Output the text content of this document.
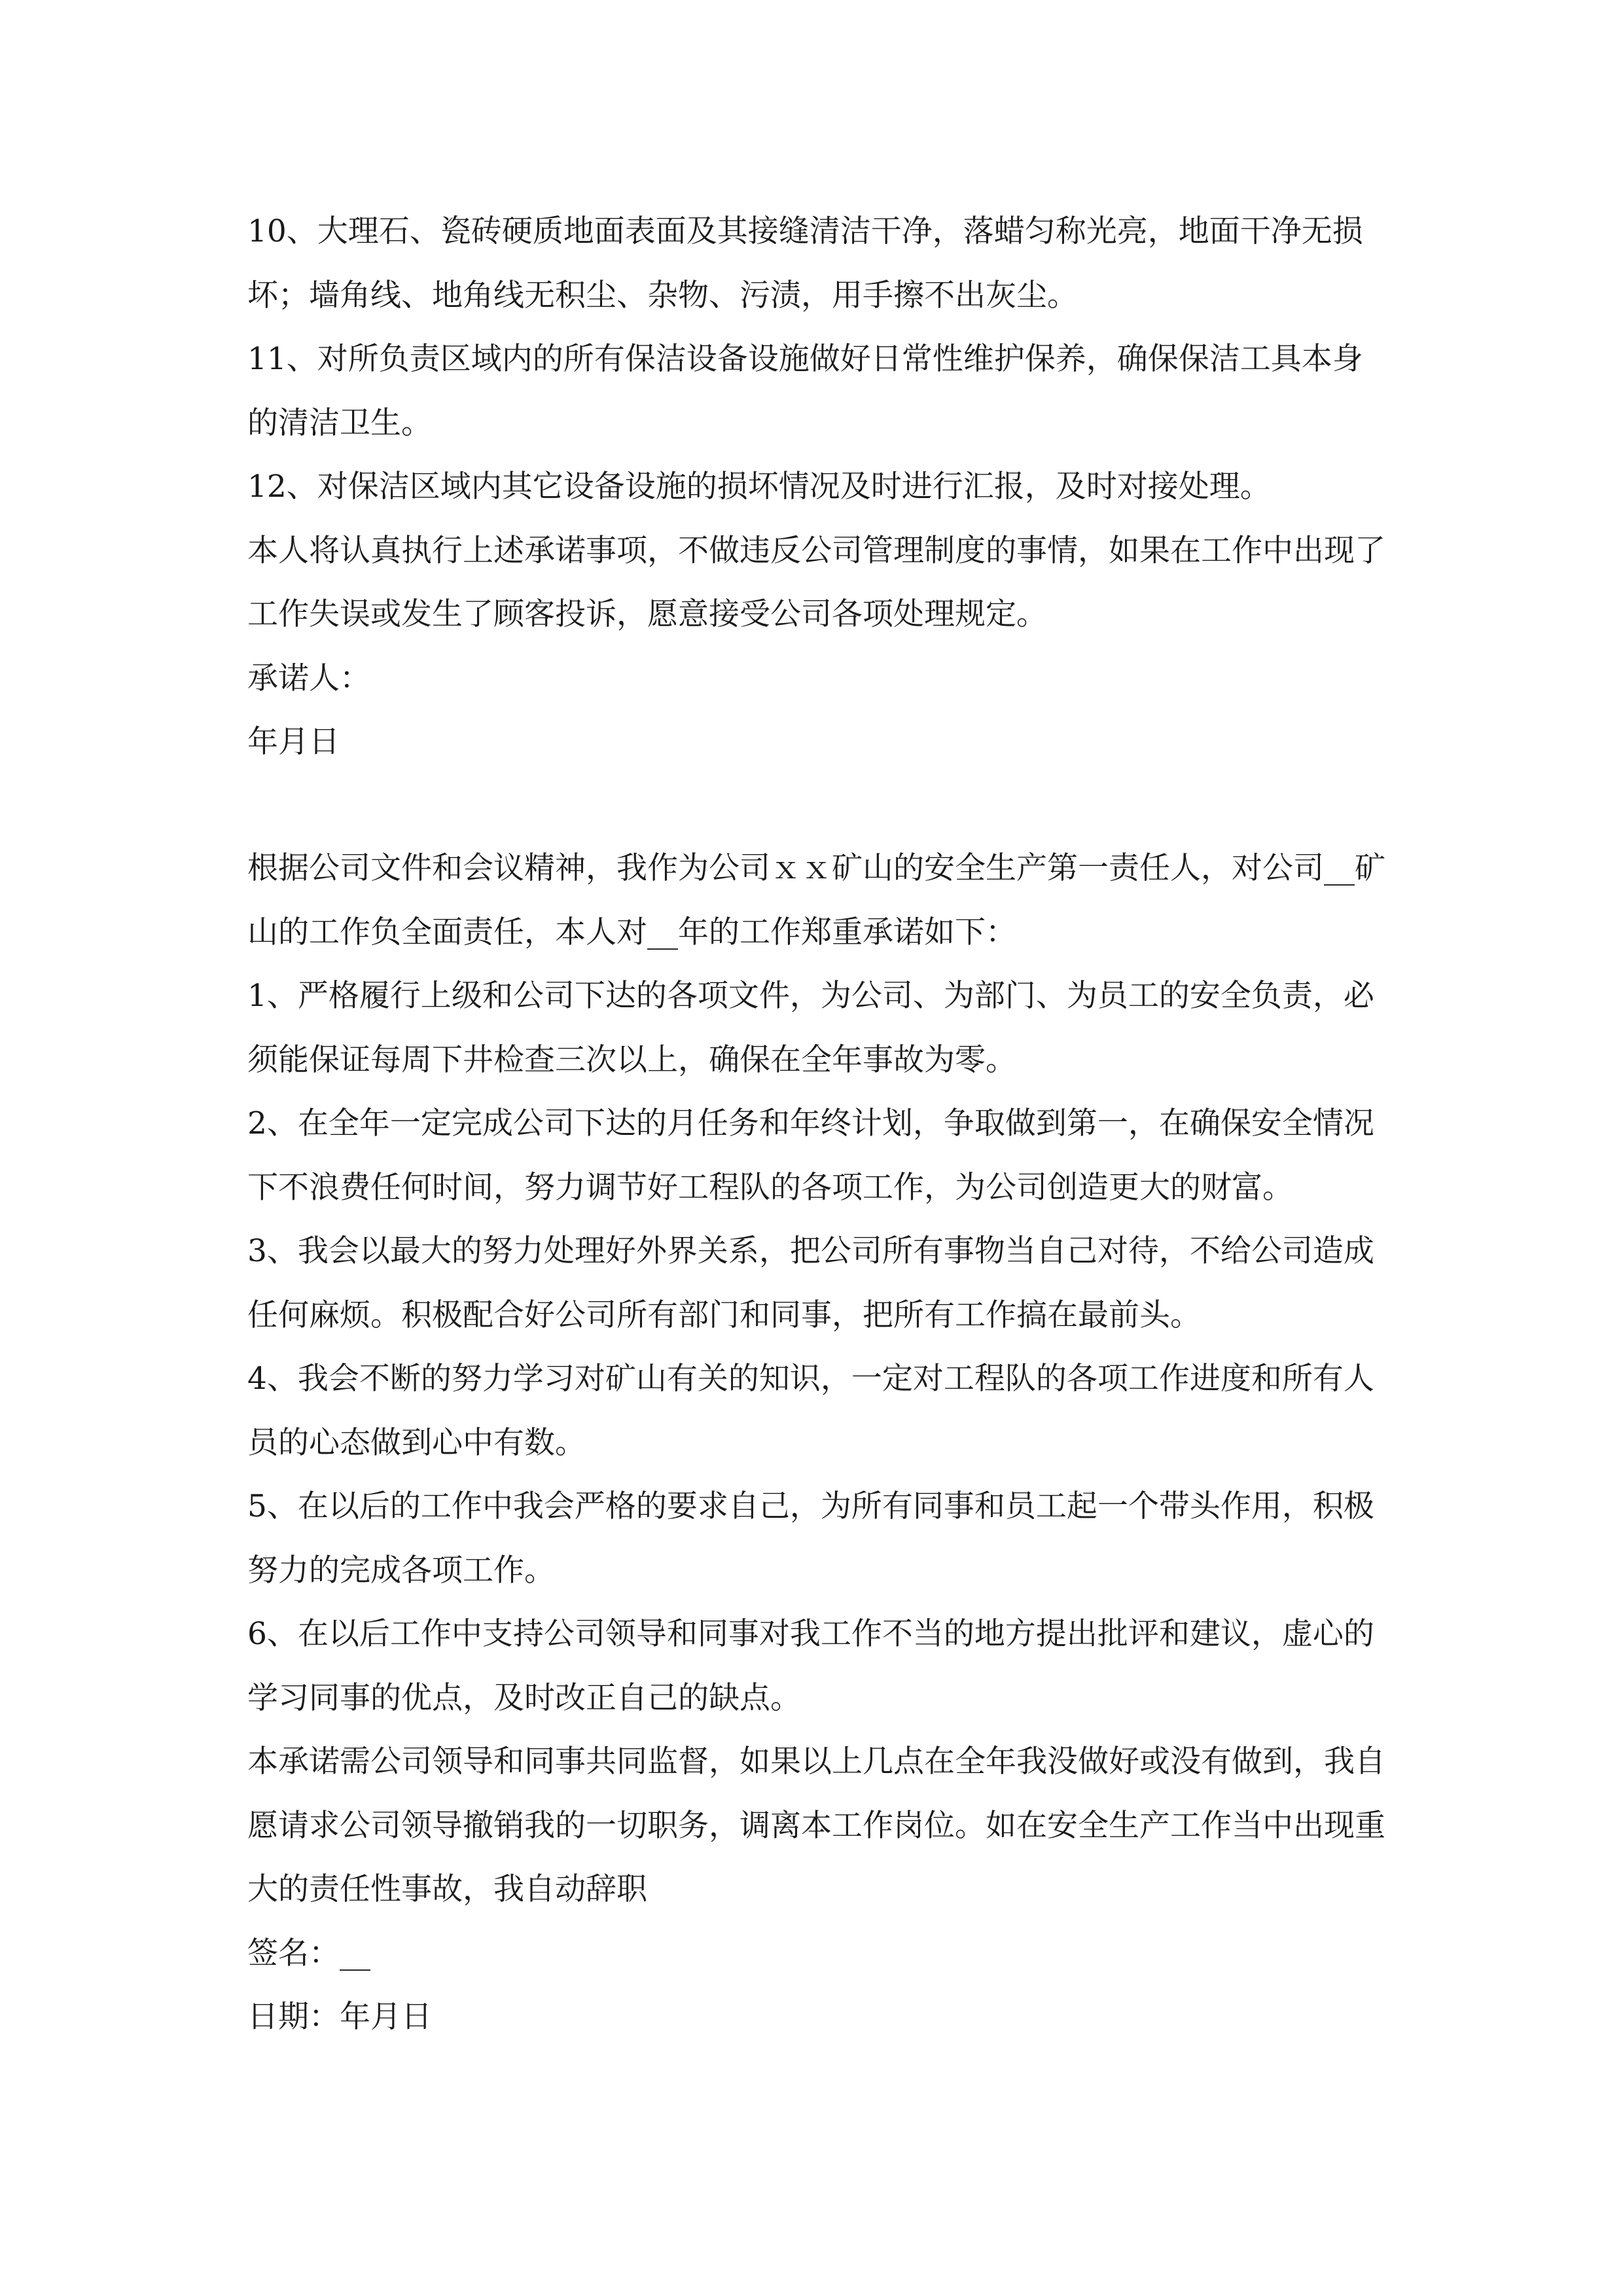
10、大理石、瓷砖硬质地面表面及其接缝清洁干净，落蜡匀称光亮，地面干净无损坏；墙角线、地角线无积尘、杂物、污渍，用手擦不出灰尘。

11、对所负责区域内的所有保洁设备设施做好日常性维护保养，确保保洁工具本身的清洁卫生。

12、对保洁区域内其它设备设施的损坏情况及时进行汇报，及时对接处理。

本人将认真执行上述承诺事项，不做违反公司管理制度的事情，如果在工作中出现了工作失误或发生了顾客投诉，愿意接受公司各项处理规定。

承诺人：

年月日

根据公司文件和会议精神，我作为公司ｘｘ矿山的安全生产第一责任人，对公司__矿山的工作负全面责任，本人对__年的工作郑重承诺如下：

1、严格履行上级和公司下达的各项文件，为公司、为部门、为员工的安全负责，必须能保证每周下井检查三次以上，确保在全年事故为零。

2、在全年一定完成公司下达的月任务和年终计划，争取做到第一，在确保安全情况下不浪费任何时间，努力调节好工程队的各项工作，为公司创造更大的财富。

3、我会以最大的努力处理好外界关系，把公司所有事物当自己对待，不给公司造成任何麻烦。积极配合好公司所有部门和同事，把所有工作搞在最前头。

4、我会不断的努力学习对矿山有关的知识，一定对工程队的各项工作进度和所有人员的心态做到心中有数。

5、在以后的工作中我会严格的要求自己，为所有同事和员工起一个带头作用，积极努力的完成各项工作。

6、在以后工作中支持公司领导和同事对我工作不当的地方提出批评和建议，虚心的学习同事的优点，及时改正自己的缺点。

本承诺需公司领导和同事共同监督，如果以上几点在全年我没做好或没有做到，我自愿请求公司领导撤销我的一切职务，调离本工作岗位。如在安全生产工作当中出现重大的责任性事故，我自动辞职

签名：__

日期：年月日
